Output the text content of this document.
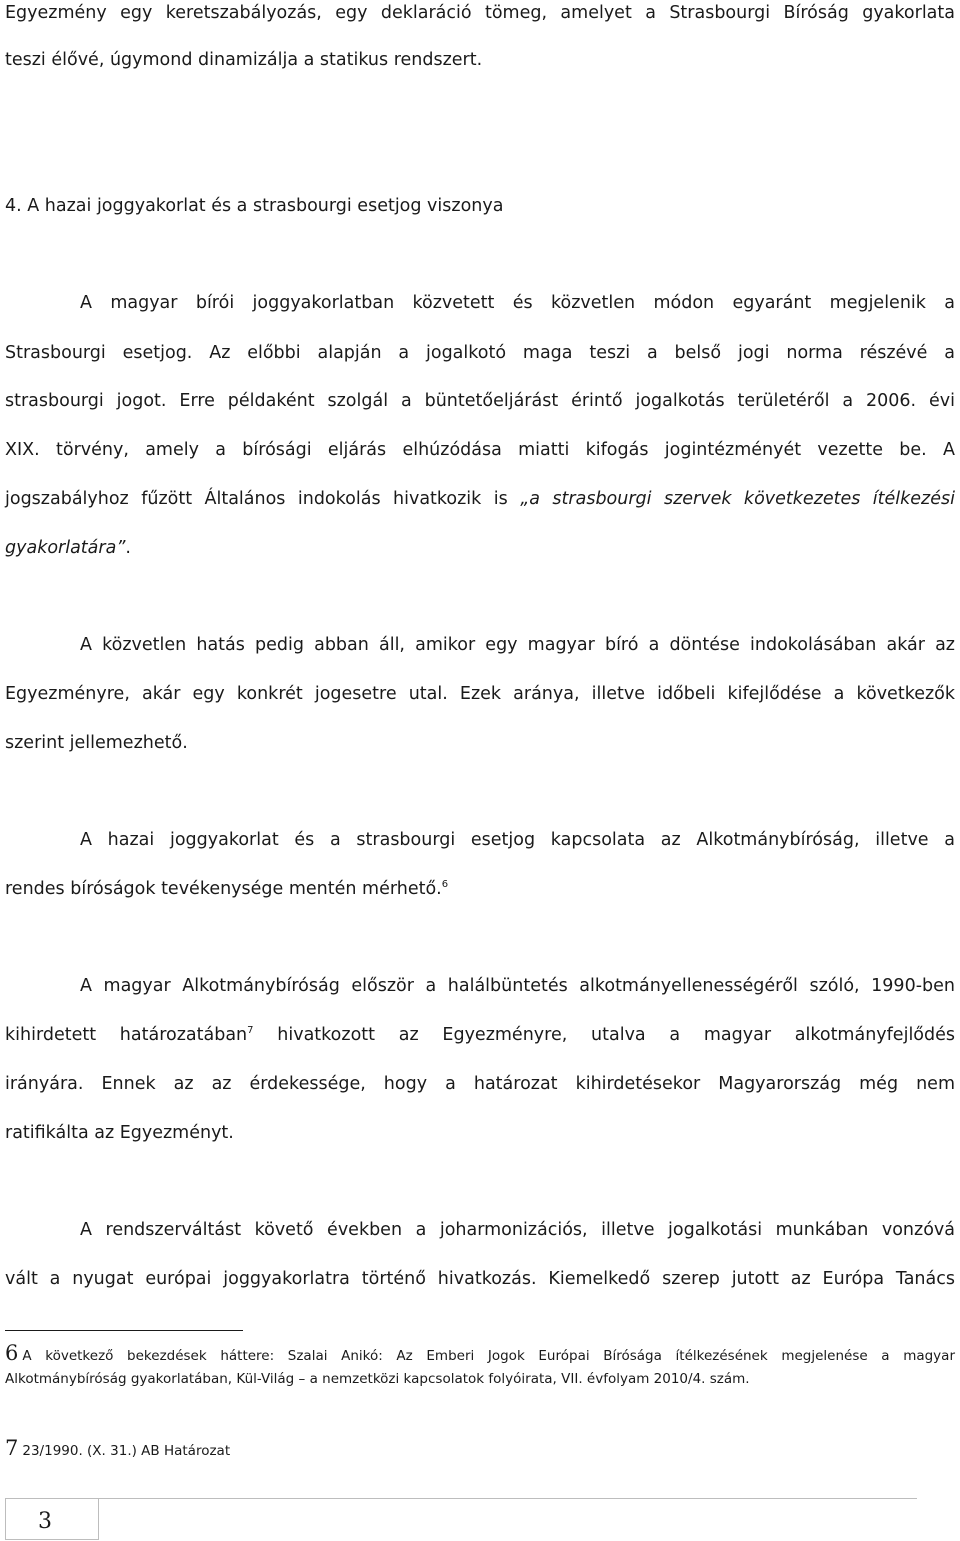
Egyezmény egy keretszabályozás, egy deklaráció tömeg, amelyet a Strasbourgi Bíróság gyakorlata
teszi élővé, úgymond dinamizálja a statikus rendszert.
4. A hazai joggyakorlat és a strasbourgi esetjog viszonya
A magyar bírói joggyakorlatban közvetett és közvetlen módon egyaránt megjelenik a
Strasbourgi esetjog. Az előbbi alapján a jogalkotó maga teszi a belső jogi norma részévé a
strasbourgi jogot. Erre példaként szolgál a büntetőeljárást érintő jogalkotás területéről a 2006. évi
XIX. törvény, amely a bírósági eljárás elhúzódása miatti kifogás jogintézményét vezette be. A
jogszabályhoz fűzött Általános indokolás hivatkozik is „a strasbourgi szervek következetes ítélkezési
gyakorlatára”.
A közvetlen hatás pedig abban áll, amikor egy magyar bíró a döntése indokolásában akár az
Egyezményre, akár egy konkrét jogesetre utal. Ezek aránya, illetve időbeli kifejlődése a következők
szerint jellemezhető.
A hazai joggyakorlat és a strasbourgi esetjog kapcsolata az Alkotmánybíróság, illetve a
rendes bíróságok tevékenysége mentén mérhető.$^6$
A magyar Alkotmánybíróság először a halálbüntetés alkotmányellenességéről szóló, 1990-ben
kihirdetett határozatában$^7$ hivatkozott az Egyezményre, utalva a magyar alkotmányfejlődés
irányára. Ennek az az érdekessége, hogy a határozat kihirdetésekor Magyarország még nem
ratifikálta az Egyezményt.
A rendszerváltást követő években a joharmonizációs, illetve jogalkotási munkában vonzóvá
vált a nyugat európai joggyakorlatra történő hivatkozás. Kiemelkedő szerep jutott az Európa Tanács
6 A következő bekezdések háttere: Szalai Anikó: Az Emberi Jogok Európai Bírósága ítélkezésének megjelenése a magyar
Alkotmánybíróság gyakorlatában, Kül-Világ – a nemzetközi kapcsolatok folyóirata, VII. évfolyam 2010/4. szám.
7 23/1990. (X. 31.) AB Határozat
3
